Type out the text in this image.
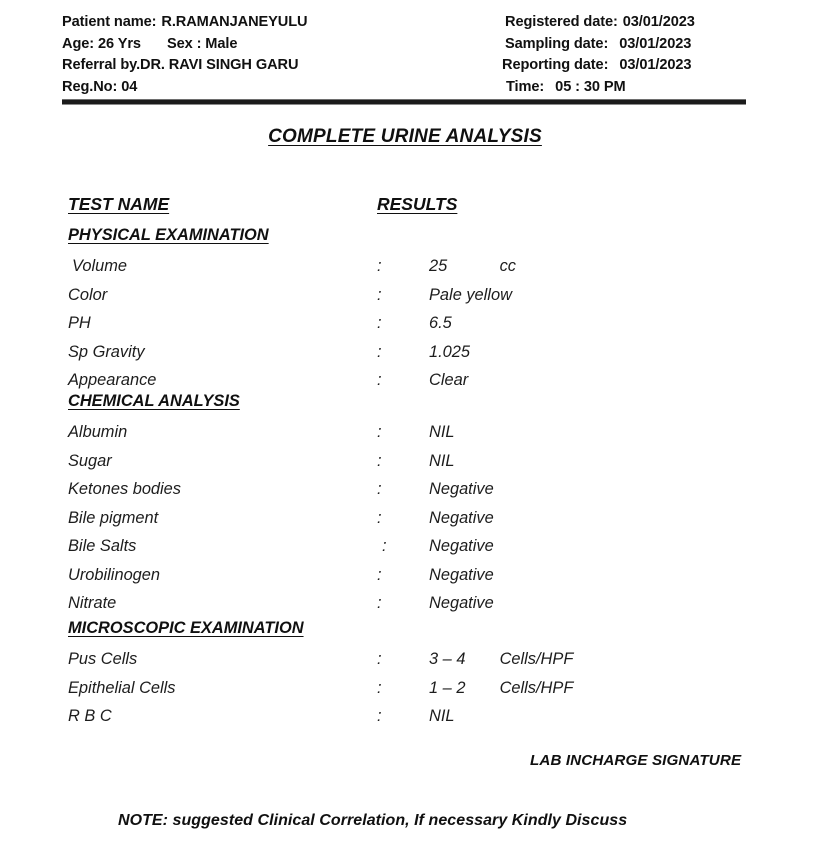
Patient name: R.RAMANJANEYULU	Registered date: 03/01/2023
Age: 26 Yrs Sex : Male	Sampling date: 03/01/2023
Referral by.DR. RAVI SINGH GARU	Reporting date: 03/01/2023
Reg.No: 04	Time: 05 : 30 PM
COMPLETE URINE ANALYSIS
TEST NAME	RESULTS
PHYSICAL EXAMINATION
Volume	:	25	cc
Color	:	Pale yellow
PH	:	6.5
Sp Gravity	:	1.025
Appearance	:	Clear
CHEMICAL ANALYSIS
Albumin	:	NIL
Sugar	:	NIL
Ketones bodies	:	Negative
Bile pigment	:	Negative
Bile Salts	:	Negative
Urobilinogen	:	Negative
Nitrate	:	Negative
MICROSCOPIC EXAMINATION
Pus Cells	:	3 – 4 Cells/HPF
Epithelial Cells	:	1 – 2 Cells/HPF
R B C	:	NIL
LAB INCHARGE SIGNATURE
NOTE: suggested Clinical Correlation, If necessary Kindly Discuss
